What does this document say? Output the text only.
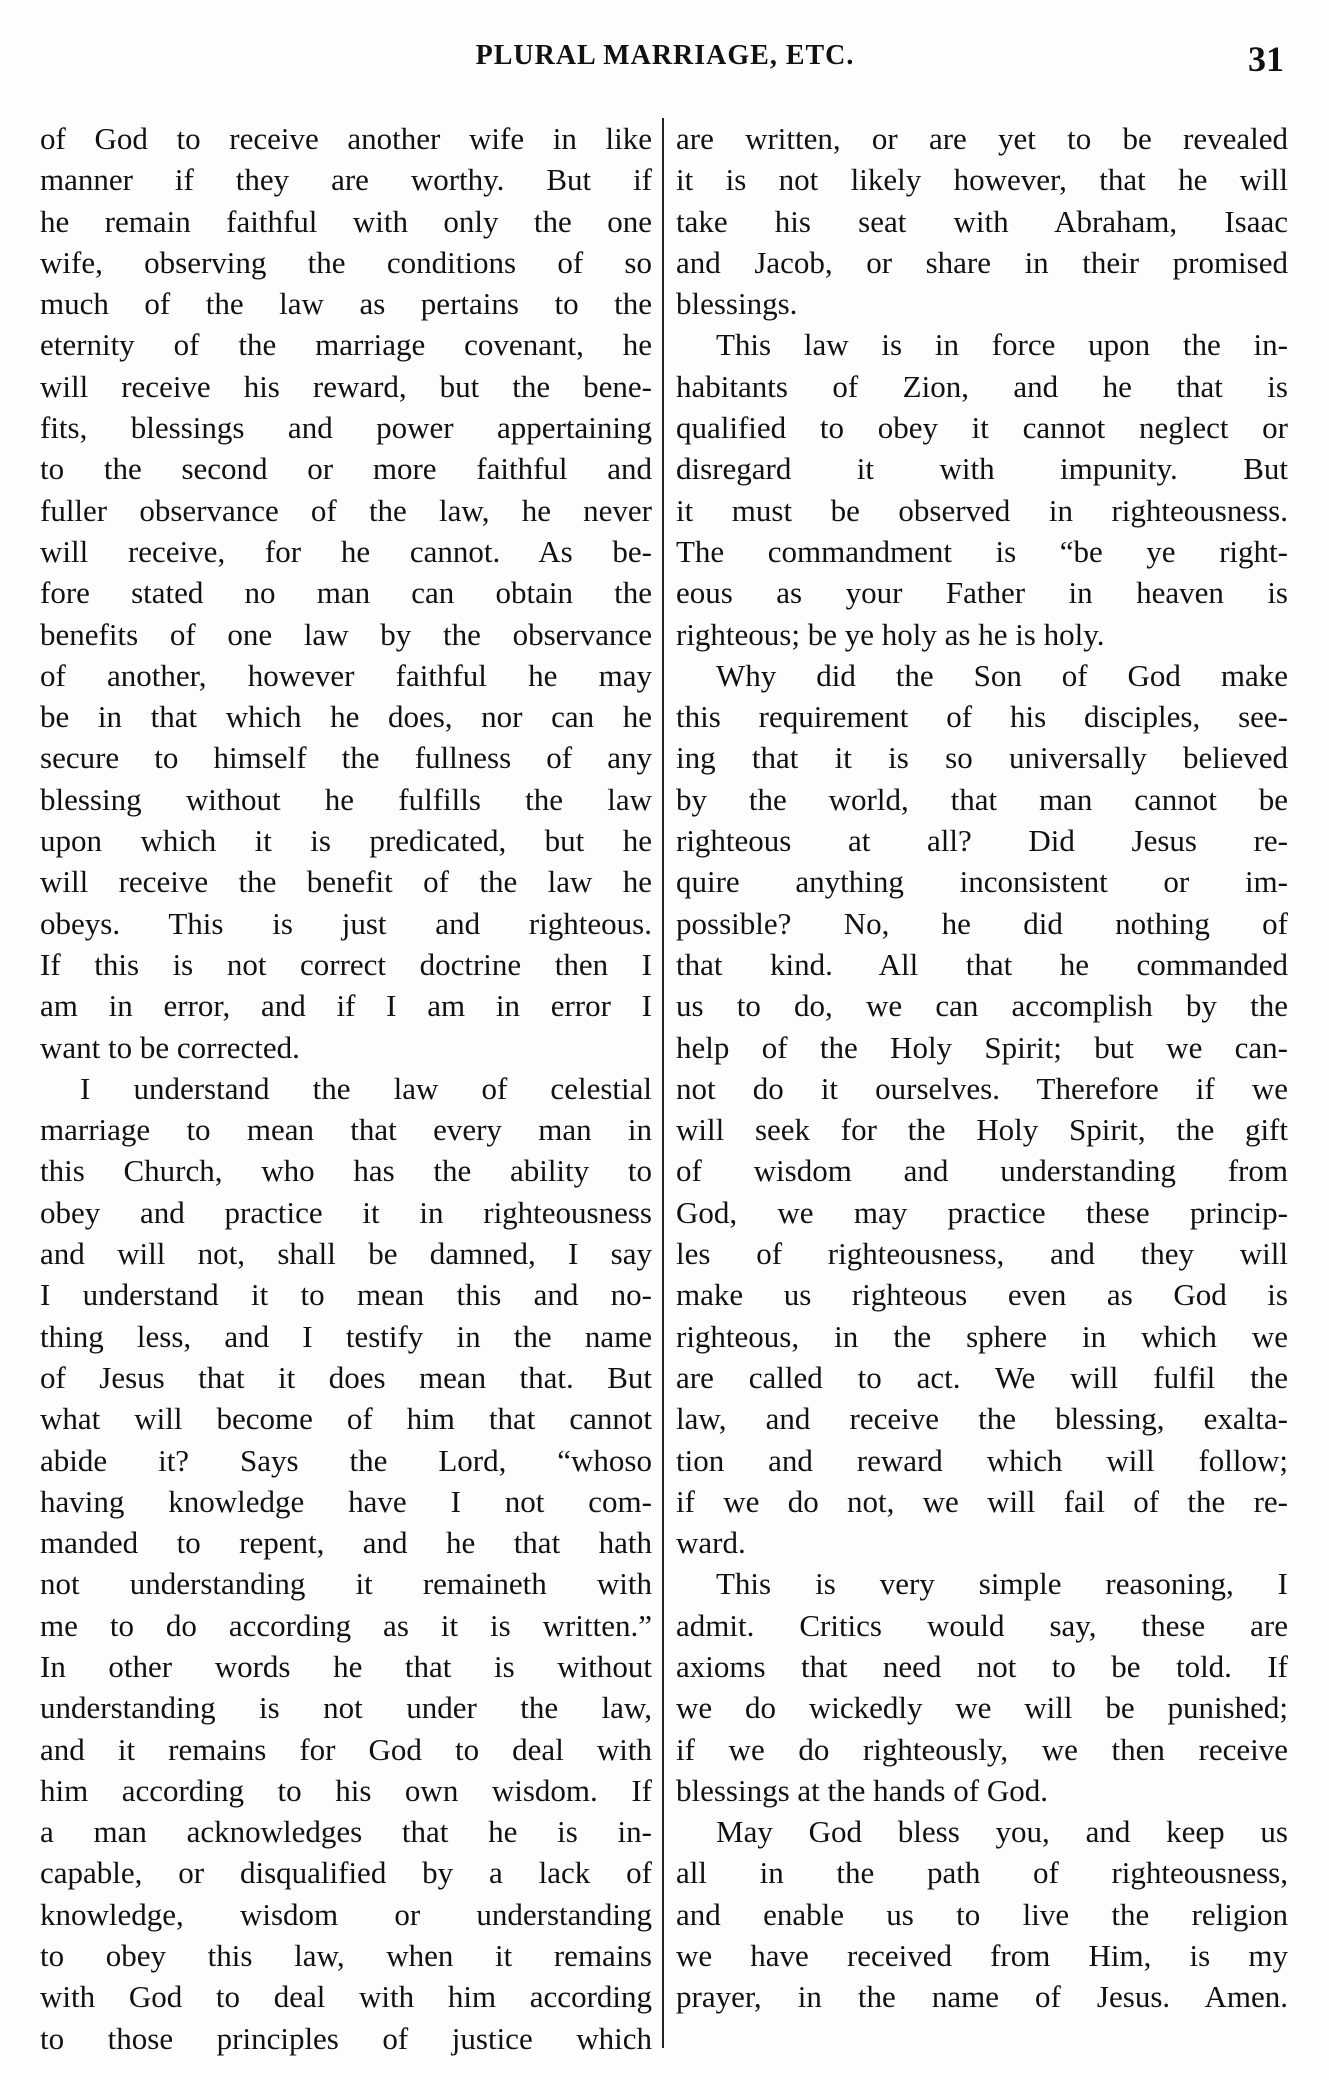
PLURAL MARRIAGE, ETC.	31
of God to receive another wife in like
manner if they are worthy. But if
he remain faithful with only the one
wife, observing the conditions of so
much of the law as pertains to the
eternity of the marriage covenant, he
will receive his reward, but the bene-
fits, blessings and power appertaining
to the second or more faithful and
fuller observance of the law, he never
will receive, for he cannot. As be-
fore stated no man can obtain the
benefits of one law by the observance
of another, however faithful he may
be in that which he does, nor can he
secure to himself the fullness of any
blessing without he fulfills the law
upon which it is predicated, but he
will receive the benefit of the law he
obeys. This is just and righteous.
If this is not correct doctrine then I
am in error, and if I am in error I
want to be corrected.
I understand the law of celestial
marriage to mean that every man in
this Church, who has the ability to
obey and practice it in righteousness
and will not, shall be damned, I say
I understand it to mean this and no-
thing less, and I testify in the name
of Jesus that it does mean that. But
what will become of him that cannot
abide it? Says the Lord, “whoso
having knowledge have I not com-
manded to repent, and he that hath
not understanding it remaineth with
me to do according as it is written.”
In other words he that is without
understanding is not under the law,
and it remains for God to deal with
him according to his own wisdom. If
a man acknowledges that he is in-
capable, or disqualified by a lack of
knowledge, wisdom or understanding
to obey this law, when it remains
with God to deal with him according
to those principles of justice which
are written, or are yet to be revealed
it is not likely however, that he will
take his seat with Abraham, Isaac
and Jacob, or share in their promised
blessings.
This law is in force upon the in-
habitants of Zion, and he that is
qualified to obey it cannot neglect or
disregard it with impunity. But
it must be observed in righteousness.
The commandment is “be ye right-
eous as your Father in heaven is
righteous; be ye holy as he is holy.
Why did the Son of God make
this requirement of his disciples, see-
ing that it is so universally believed
by the world, that man cannot be
righteous at all? Did Jesus re-
quire anything inconsistent or im-
possible? No, he did nothing of
that kind. All that he commanded
us to do, we can accomplish by the
help of the Holy Spirit; but we can-
not do it ourselves. Therefore if we
will seek for the Holy Spirit, the gift
of wisdom and understanding from
God, we may practice these princip-
les of righteousness, and they will
make us righteous even as God is
righteous, in the sphere in which we
are called to act. We will fulfil the
law, and receive the blessing, exalta-
tion and reward which will follow;
if we do not, we will fail of the re-
ward.
This is very simple reasoning, I
admit. Critics would say, these are
axioms that need not to be told. If
we do wickedly we will be punished;
if we do righteously, we then receive
blessings at the hands of God.
May God bless you, and keep us
all in the path of righteousness,
and enable us to live the religion
we have received from Him, is my
prayer, in the name of Jesus. Amen.
